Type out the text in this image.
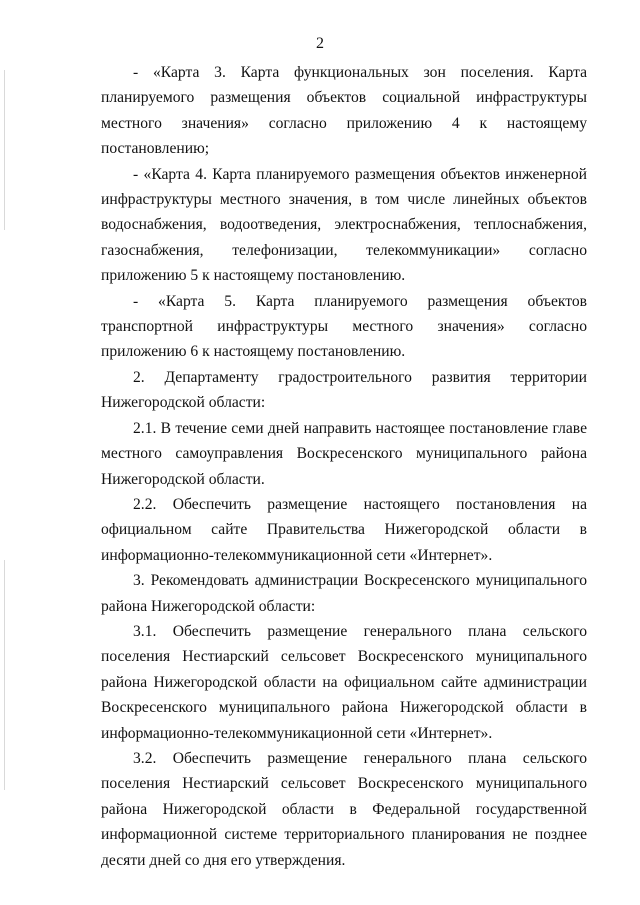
2

- «Карта 3. Карта функциональных зон поселения. Карта планируемого размещения объектов социальной инфраструктуры местного значения» согласно приложению 4 к настоящему постановлению;

- «Карта 4. Карта планируемого размещения объектов инженерной инфраструктуры местного значения, в том числе линейных объектов водоснабжения, водоотведения, электроснабжения, теплоснабжения, газоснабжения, телефонизации, телекоммуникации» согласно приложению 5 к настоящему постановлению.

- «Карта 5. Карта планируемого размещения объектов транспортной инфраструктуры местного значения» согласно приложению 6 к настоящему постановлению.

2. Департаменту градостроительного развития территории Нижегородской области:

2.1. В течение семи дней направить настоящее постановление главе местного самоуправления Воскресенского муниципального района Нижегородской области.

2.2. Обеспечить размещение настоящего постановления на официальном сайте Правительства Нижегородской области в информационно-телекоммуникационной сети «Интернет».

3. Рекомендовать администрации Воскресенского муниципального района Нижегородской области:

3.1. Обеспечить размещение генерального плана сельского поселения Нестиарский сельсовет Воскресенского муниципального района Нижегородской области на официальном сайте администрации Воскресенского муниципального района Нижегородской области в информационно-телекоммуникационной сети «Интернет».

3.2. Обеспечить размещение генерального плана сельского поселения Нестиарский сельсовет Воскресенского муниципального района Нижегородской области в Федеральной государственной информационной системе территориального планирования не позднее десяти дней со дня его утверждения.
